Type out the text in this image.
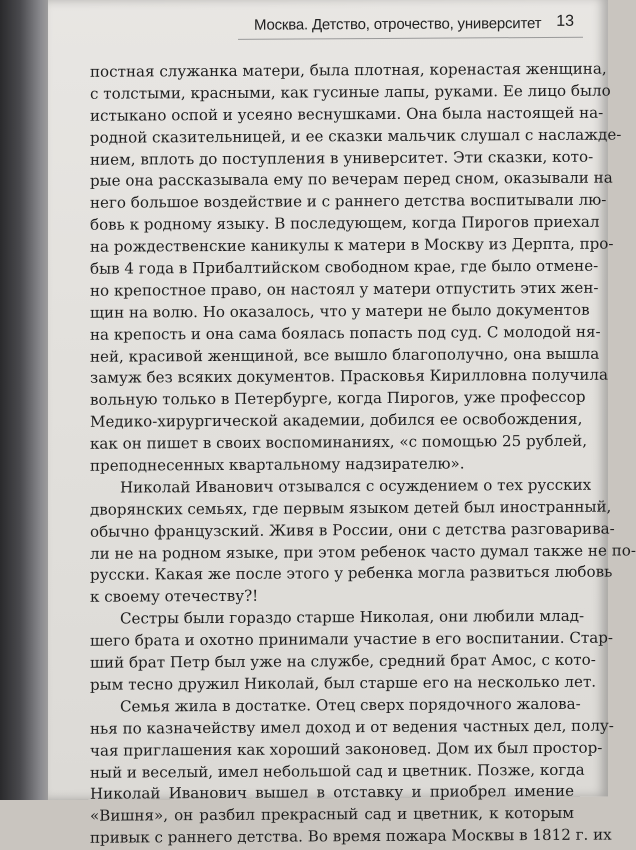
Москва. Детство, отрочество, университет 13
постная служанка матери, была плотная, коренастая женщина,
с толстыми, красными, как гусиные лапы, руками. Ее лицо было
истыкано оспой и усеяно веснушками. Она была настоящей на-
родной сказительницей, и ее сказки мальчик слушал с наслажде-
нием, вплоть до поступления в университет. Эти сказки, кото-
рые она рассказывала ему по вечерам перед сном, оказывали на
него большое воздействие и с раннего детства воспитывали лю-
бовь к родному языку. В последующем, когда Пирогов приехал
на рождественские каникулы к матери в Москву из Дерпта, про-
быв 4 года в Прибалтийском свободном крае, где было отмене-
но крепостное право, он настоял у матери отпустить этих жен-
щин на волю. Но оказалось, что у матери не было документов
на крепость и она сама боялась попасть под суд. С молодой ня-
ней, красивой женщиной, все вышло благополучно, она вышла
замуж без всяких документов. Прасковья Кирилловна получила
вольную только в Петербурге, когда Пирогов, уже профессор
Медико-хирургической академии, добился ее освобождения,
как он пишет в своих воспоминаниях, «с помощью 25 рублей,
преподнесенных квартальному надзирателю».
Николай Иванович отзывался с осуждением о тех русских
дворянских семьях, где первым языком детей был иностранный,
обычно французский. Живя в России, они с детства разговарива-
ли не на родном языке, при этом ребенок часто думал также не по-
русски. Какая же после этого у ребенка могла развиться любовь
к своему отечеству?!
Сестры были гораздо старше Николая, они любили млад-
шего брата и охотно принимали участие в его воспитании. Стар-
ший брат Петр был уже на службе, средний брат Амос, с кото-
рым тесно дружил Николай, был старше его на несколько лет.
Семья жила в достатке. Отец сверх порядочного жалова-
нья по казначейству имел доход и от ведения частных дел, полу-
чая приглашения как хороший законовед. Дом их был простор-
ный и веселый, имел небольшой сад и цветник. Позже, когда
Николай Иванович вышел в отставку и приобрел имение
«Вишня», он разбил прекрасный сад и цветник, к которым
привык с раннего детства. Во время пожара Москвы в 1812 г. их
